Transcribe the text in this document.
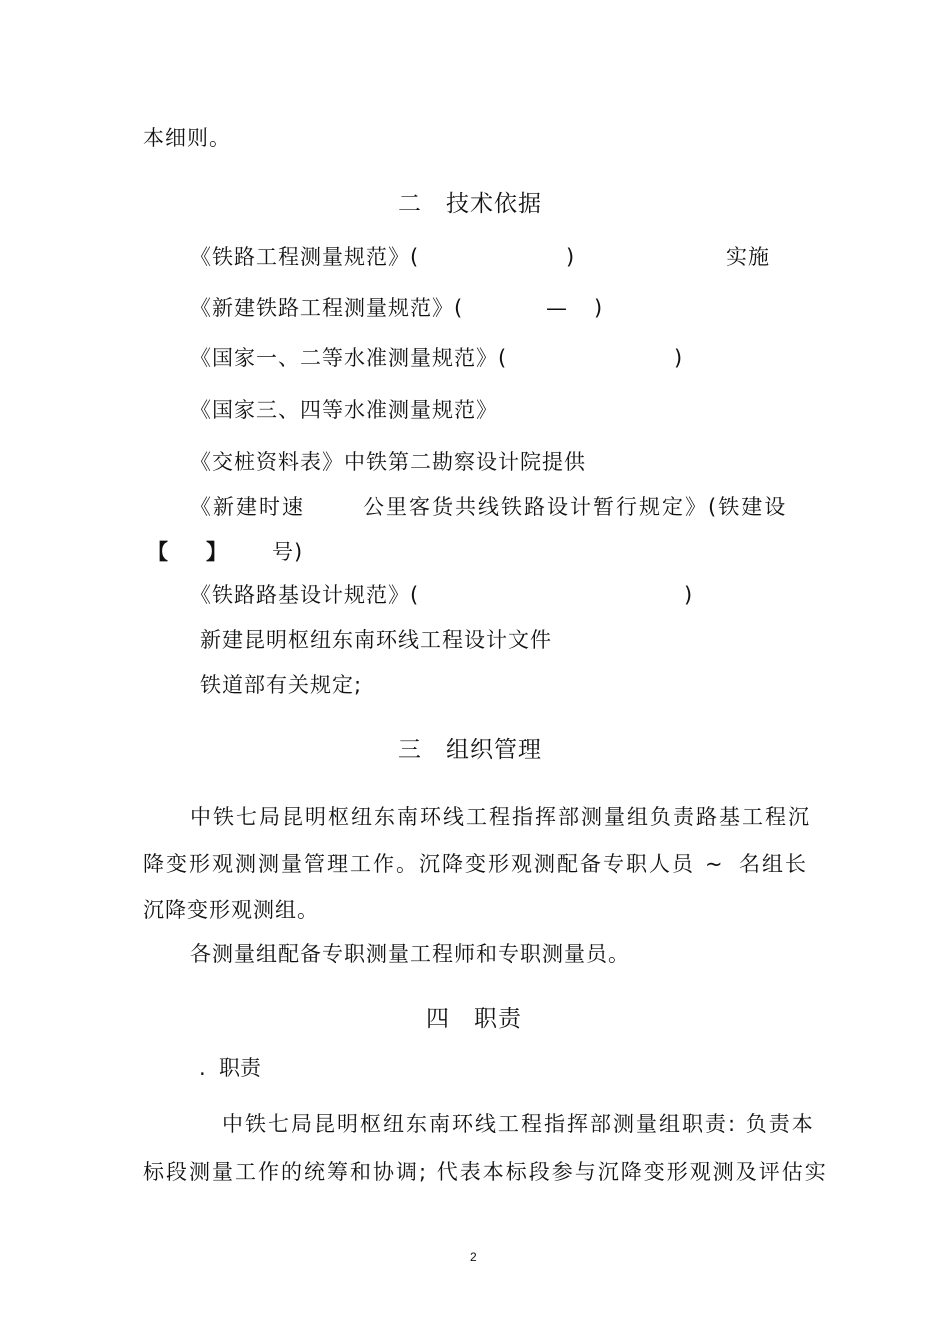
本细则。

二　技术依据

《铁路工程测量规范》(	)	实施

《新建铁路工程测量规范》(	— )

《国家一、二等水准测量规范》(	)

《国家三、四等水准测量规范》

《交桩资料表》中铁第二勘察设计院提供

《新建时速	公里客货共线铁路设计暂行规定》(铁建设

【 】 号)

《铁路路基设计规范》(	)

新建昆明枢纽东南环线工程设计文件

铁道部有关规定;

三　组织管理

中铁七局昆明枢纽东南环线工程指挥部测量组负责路基工程沉

降变形观测测量管理工作。沉降变形观测配备专职人员 ~ 名组长

沉降变形观测组。

各测量组配备专职测量工程师和专职测量员。

四　职责

.  职责

中铁七局昆明枢纽东南环线工程指挥部测量组职责: 负责本

标段测量工作的统筹和协调; 代表本标段参与沉降变形观测及评估实

2
